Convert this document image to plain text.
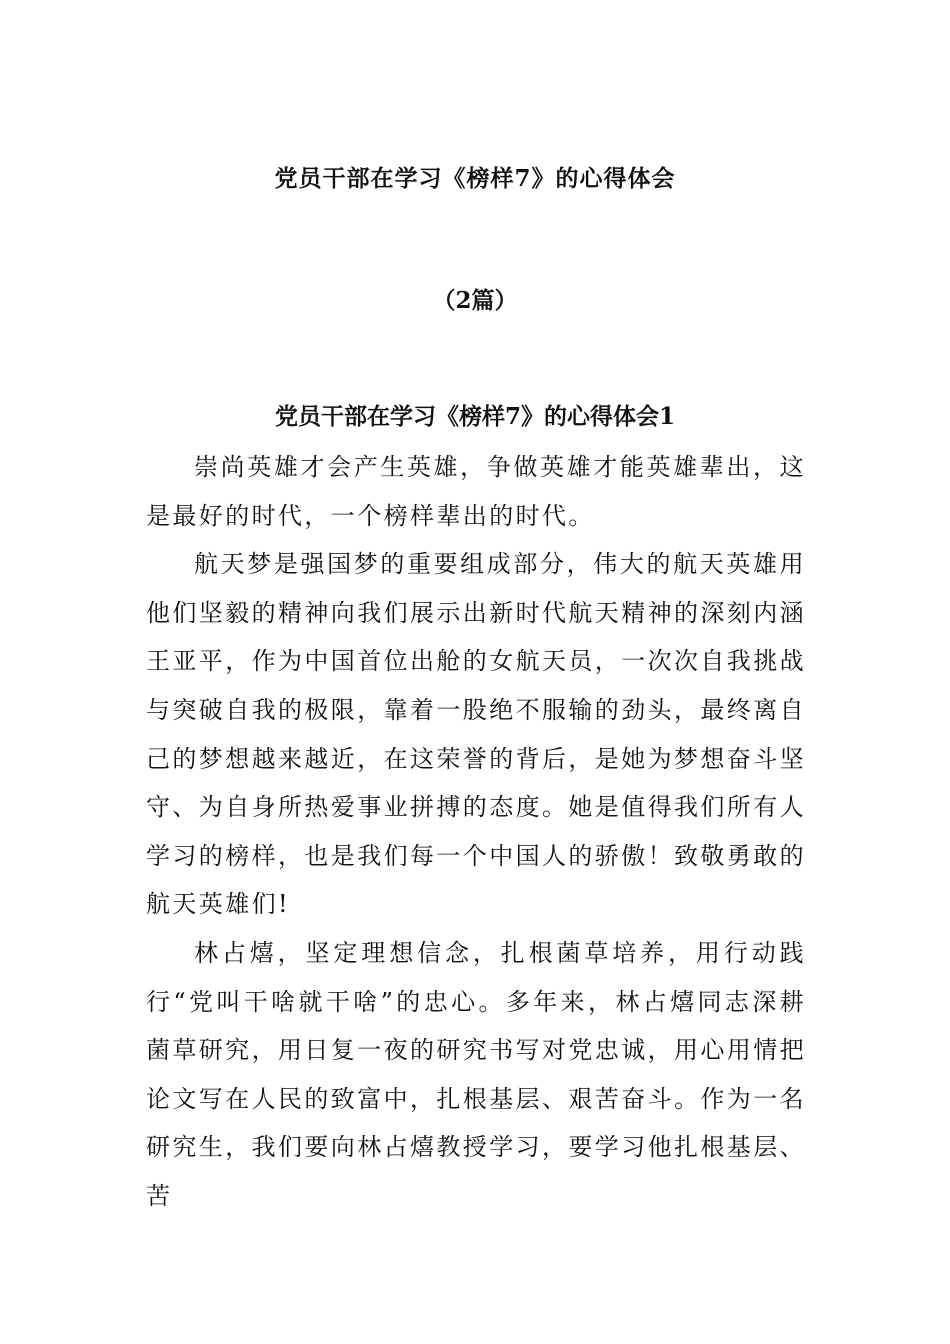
党员干部在学习《榜样7》的心得体会
（2篇）
党员干部在学习《榜样7》的心得体会1

崇尚英雄才会产生英雄，争做英雄才能英雄辈出，这是最好的时代，一个榜样辈出的时代。

航天梦是强国梦的重要组成部分，伟大的航天英雄用他们坚毅的精神向我们展示出新时代航天精神的深刻内涵王亚平，作为中国首位出舱的女航天员，一次次自我挑战与突破自我的极限，靠着一股绝不服输的劲头，最终离自己的梦想越来越近，在这荣誉的背后，是她为梦想奋斗坚守、为自身所热爱事业拼搏的态度。她是值得我们所有人学习的榜样，也是我们每一个中国人的骄傲！致敬勇敢的航天英雄们!

林占熺，坚定理想信念，扎根菌草培养，用行动践行“党叫干啥就干啥”的忠心。多年来，林占熺同志深耕菌草研究，用日复一夜的研究书写对党忠诚，用心用情把论文写在人民的致富中，扎根基层、艰苦奋斗。作为一名研究生，我们要向林占熺教授学习，要学习他扎根基层、苦
